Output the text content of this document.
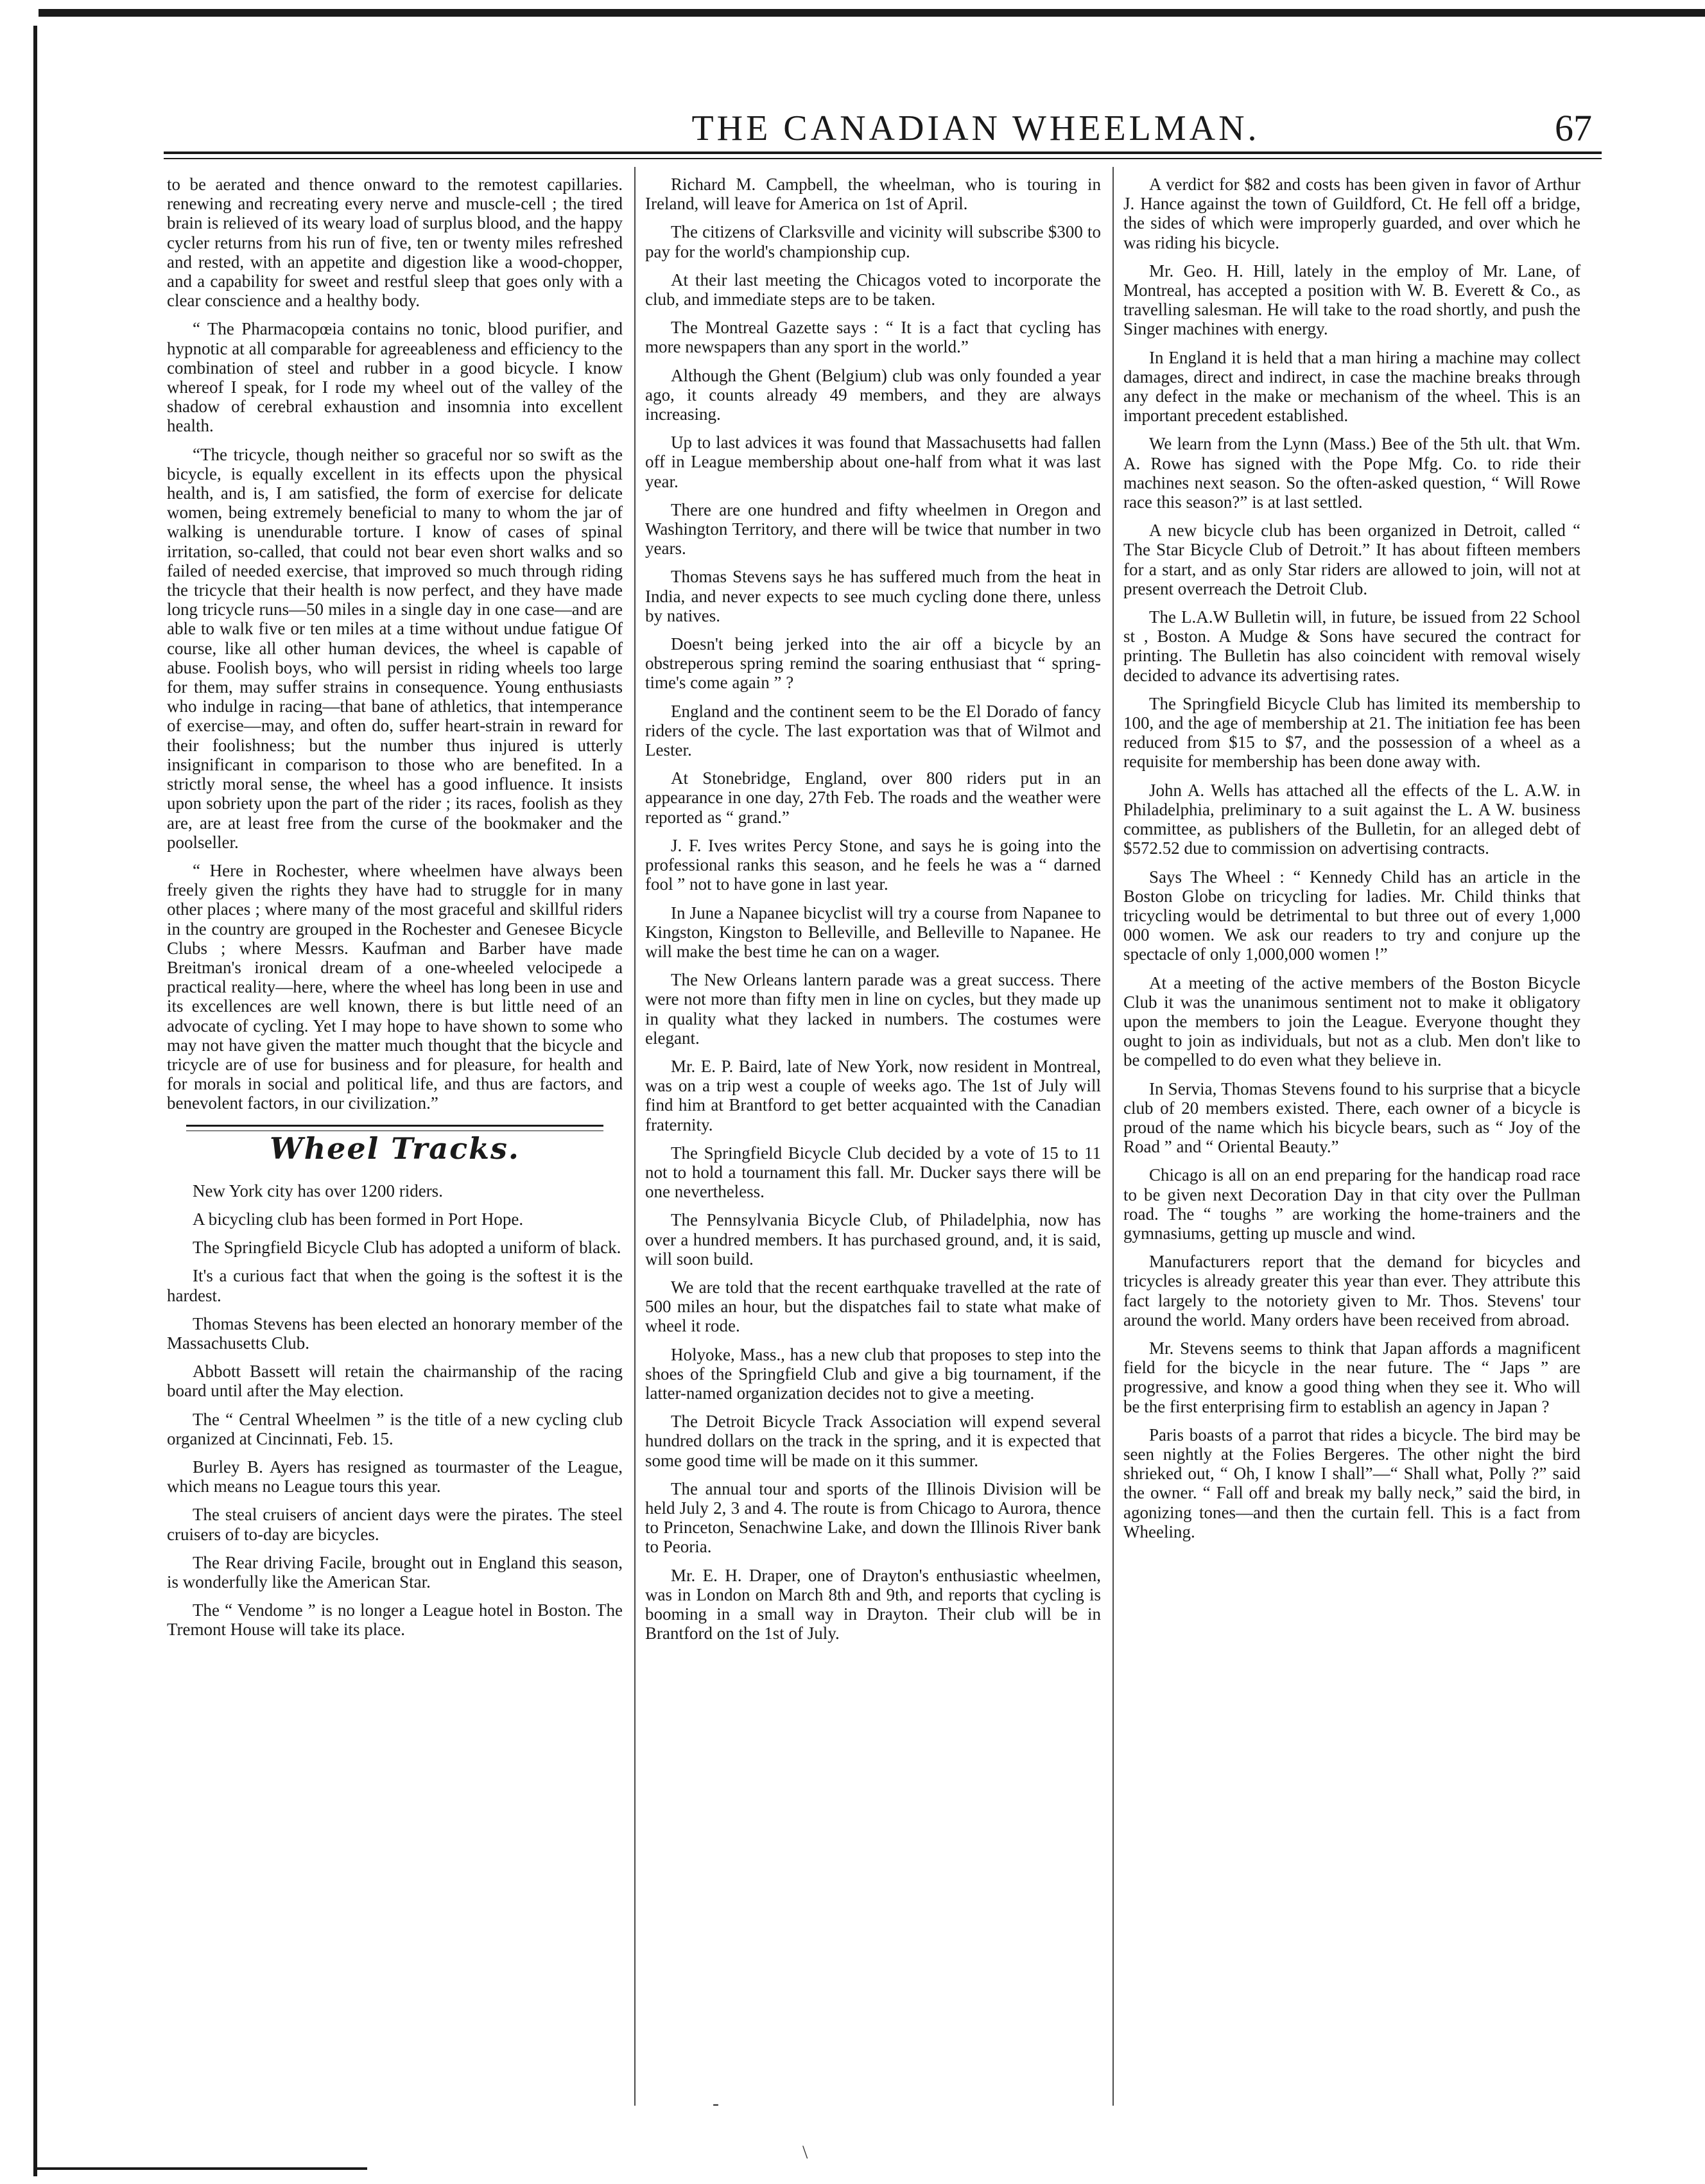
THE CANADIAN WHEELMAN.	67

to be aerated and thence onward to the remotest capillaries. renewing and recreating every nerve and muscle-cell ; the tired brain is relieved of its weary load of surplus blood, and the happy cycler returns from his run of five, ten or twenty miles refreshed and rested, with an appetite and digestion like a wood-chopper, and a capability for sweet and restful sleep that goes only with a clear conscience and a healthy body.

“ The Pharmacopœia contains no tonic, blood purifier, and hypnotic at all comparable for agreeableness and efficiency to the combination of steel and rubber in a good bicycle. I know whereof I speak, for I rode my wheel out of the valley of the shadow of cerebral exhaustion and insomnia into excellent health.

“The tricycle, though neither so graceful nor so swift as the bicycle, is equally excellent in its effects upon the physical health, and is, I am satisfied, the form of exercise for delicate women, being extremely beneficial to many to whom the jar of walking is unendurable torture. I know of cases of spinal irritation, so-called, that could not bear even short walks and so failed of needed exercise, that improved so much through riding the tricycle that their health is now perfect, and they have made long tricycle runs—50 miles in a single day in one case—and are able to walk five or ten miles at a time without undue fatigue Of course, like all other human devices, the wheel is capable of abuse. Foolish boys, who will persist in riding wheels too large for them, may suffer strains in consequence. Young enthusiasts who indulge in racing—that bane of athletics, that intemperance of exercise—may, and often do, suffer heart-strain in reward for their foolishness; but the number thus injured is utterly insignificant in comparison to those who are benefited. In a strictly moral sense, the wheel has a good influence. It insists upon sobriety upon the part of the rider ; its races, foolish as they are, are at least free from the curse of the bookmaker and the poolseller.

“ Here in Rochester, where wheelmen have always been freely given the rights they have had to struggle for in many other places ; where many of the most graceful and skillful riders in the country are grouped in the Rochester and Genesee Bicycle Clubs ; where Messrs. Kaufman and Barber have made Breitman's ironical dream of a one-wheeled velocipede a practical reality—here, where the wheel has long been in use and its excellences are well known, there is but little need of an advocate of cycling. Yet I may hope to have shown to some who may not have given the matter much thought that the bicycle and tricycle are of use for business and for pleasure, for health and for morals in social and political life, and thus are factors, and benevolent factors, in our civilization.”

Wheel Tracks.

New York city has over 1200 riders.

A bicycling club has been formed in Port Hope.

The Springfield Bicycle Club has adopted a uniform of black.

It's a curious fact that when the going is the softest it is the hardest.

Thomas Stevens has been elected an honorary member of the Massachusetts Club.

Abbott Bassett will retain the chairmanship of the racing board until after the May election.

The “ Central Wheelmen ” is the title of a new cycling club organized at Cincinnati, Feb. 15.

Burley B. Ayers has resigned as tourmaster of the League, which means no League tours this year.

The steal cruisers of ancient days were the pirates. The steel cruisers of to-day are bicycles.

The Rear driving Facile, brought out in England this season, is wonderfully like the American Star.

The “ Vendome ” is no longer a League hotel in Boston. The Tremont House will take its place.

Richard M. Campbell, the wheelman, who is touring in Ireland, will leave for America on 1st of April.

The citizens of Clarksville and vicinity will subscribe $300 to pay for the world's championship cup.

At their last meeting the Chicagos voted to incorporate the club, and immediate steps are to be taken.

The Montreal Gazette says : “ It is a fact that cycling has more newspapers than any sport in the world.”

Although the Ghent (Belgium) club was only founded a year ago, it counts already 49 members, and they are always increasing.

Up to last advices it was found that Massachusetts had fallen off in League membership about one-half from what it was last year.

There are one hundred and fifty wheelmen in Oregon and Washington Territory, and there will be twice that number in two years.

Thomas Stevens says he has suffered much from the heat in India, and never expects to see much cycling done there, unless by natives.

Doesn't being jerked into the air off a bicycle by an obstreperous spring remind the soaring enthusiast that “ spring-time's come again ” ?

England and the continent seem to be the El Dorado of fancy riders of the cycle. The last exportation was that of Wilmot and Lester.

At Stonebridge, England, over 800 riders put in an appearance in one day, 27th Feb. The roads and the weather were reported as “ grand.”

J. F. Ives writes Percy Stone, and says he is going into the professional ranks this season, and he feels he was a “ darned fool ” not to have gone in last year.

In June a Napanee bicyclist will try a course from Napanee to Kingston, Kingston to Belleville, and Belleville to Napanee. He will make the best time he can on a wager.

The New Orleans lantern parade was a great success. There were not more than fifty men in line on cycles, but they made up in quality what they lacked in numbers. The costumes were elegant.

Mr. E. P. Baird, late of New York, now resident in Montreal, was on a trip west a couple of weeks ago. The 1st of July will find him at Brantford to get better acquainted with the Canadian fraternity.

The Springfield Bicycle Club decided by a vote of 15 to 11 not to hold a tournament this fall. Mr. Ducker says there will be one nevertheless.

The Pennsylvania Bicycle Club, of Philadelphia, now has over a hundred members. It has purchased ground, and, it is said, will soon build.

We are told that the recent earthquake travelled at the rate of 500 miles an hour, but the dispatches fail to state what make of wheel it rode.

Holyoke, Mass., has a new club that proposes to step into the shoes of the Springfield Club and give a big tournament, if the latter-named organization decides not to give a meeting.

The Detroit Bicycle Track Association will expend several hundred dollars on the track in the spring, and it is expected that some good time will be made on it this summer.

The annual tour and sports of the Illinois Division will be held July 2, 3 and 4. The route is from Chicago to Aurora, thence to Princeton, Senachwine Lake, and down the Illinois River bank to Peoria.

Mr. E. H. Draper, one of Drayton's enthusiastic wheelmen, was in London on March 8th and 9th, and reports that cycling is booming in a small way in Drayton. Their club will be in Brantford on the 1st of July.

A verdict for $82 and costs has been given in favor of Arthur J. Hance against the town of Guildford, Ct. He fell off a bridge, the sides of which were improperly guarded, and over which he was riding his bicycle.

Mr. Geo. H. Hill, lately in the employ of Mr. Lane, of Montreal, has accepted a position with W. B. Everett & Co., as travelling salesman. He will take to the road shortly, and push the Singer machines with energy.

In England it is held that a man hiring a machine may collect damages, direct and indirect, in case the machine breaks through any defect in the make or mechanism of the wheel. This is an important precedent established.

We learn from the Lynn (Mass.) Bee of the 5th ult. that Wm. A. Rowe has signed with the Pope Mfg. Co. to ride their machines next season. So the often-asked question, “ Will Rowe race this season?” is at last settled.

A new bicycle club has been organized in Detroit, called “ The Star Bicycle Club of Detroit.” It has about fifteen members for a start, and as only Star riders are allowed to join, will not at present overreach the Detroit Club.

The L.A.W Bulletin will, in future, be issued from 22 School st , Boston. A Mudge & Sons have secured the contract for printing. The Bulletin has also coincident with removal wisely decided to advance its advertising rates.

The Springfield Bicycle Club has limited its membership to 100, and the age of membership at 21. The initiation fee has been reduced from $15 to $7, and the possession of a wheel as a requisite for membership has been done away with.

John A. Wells has attached all the effects of the L. A.W. in Philadelphia, preliminary to a suit against the L. A W. business committee, as publishers of the Bulletin, for an alleged debt of $572.52 due to commission on advertising contracts.

Says The Wheel : “ Kennedy Child has an article in the Boston Globe on tricycling for ladies. Mr. Child thinks that tricycling would be detrimental to but three out of every 1,000 000 women. We ask our readers to try and conjure up the spectacle of only 1,000,000 women !”

At a meeting of the active members of the Boston Bicycle Club it was the unanimous sentiment not to make it obligatory upon the members to join the League. Everyone thought they ought to join as individuals, but not as a club. Men don't like to be compelled to do even what they believe in.

In Servia, Thomas Stevens found to his surprise that a bicycle club of 20 members existed. There, each owner of a bicycle is proud of the name which his bicycle bears, such as “ Joy of the Road ” and “ Oriental Beauty.”

Chicago is all on an end preparing for the handicap road race to be given next Decoration Day in that city over the Pullman road. The “ toughs ” are working the home-trainers and the gymnasiums, getting up muscle and wind.

Manufacturers report that the demand for bicycles and tricycles is already greater this year than ever. They attribute this fact largely to the notoriety given to Mr. Thos. Stevens' tour around the world. Many orders have been received from abroad.

Mr. Stevens seems to think that Japan affords a magnificent field for the bicycle in the near future. The “ Japs ” are progressive, and know a good thing when they see it. Who will be the first enterprising firm to establish an agency in Japan ?

Paris boasts of a parrot that rides a bicycle. The bird may be seen nightly at the Folies Bergeres. The other night the bird shrieked out, “ Oh, I know I shall”—“ Shall what, Polly ?” said the owner. “ Fall off and break my bally neck,” said the bird, in agonizing tones—and then the curtain fell. This is a fact from Wheeling.

-
\
